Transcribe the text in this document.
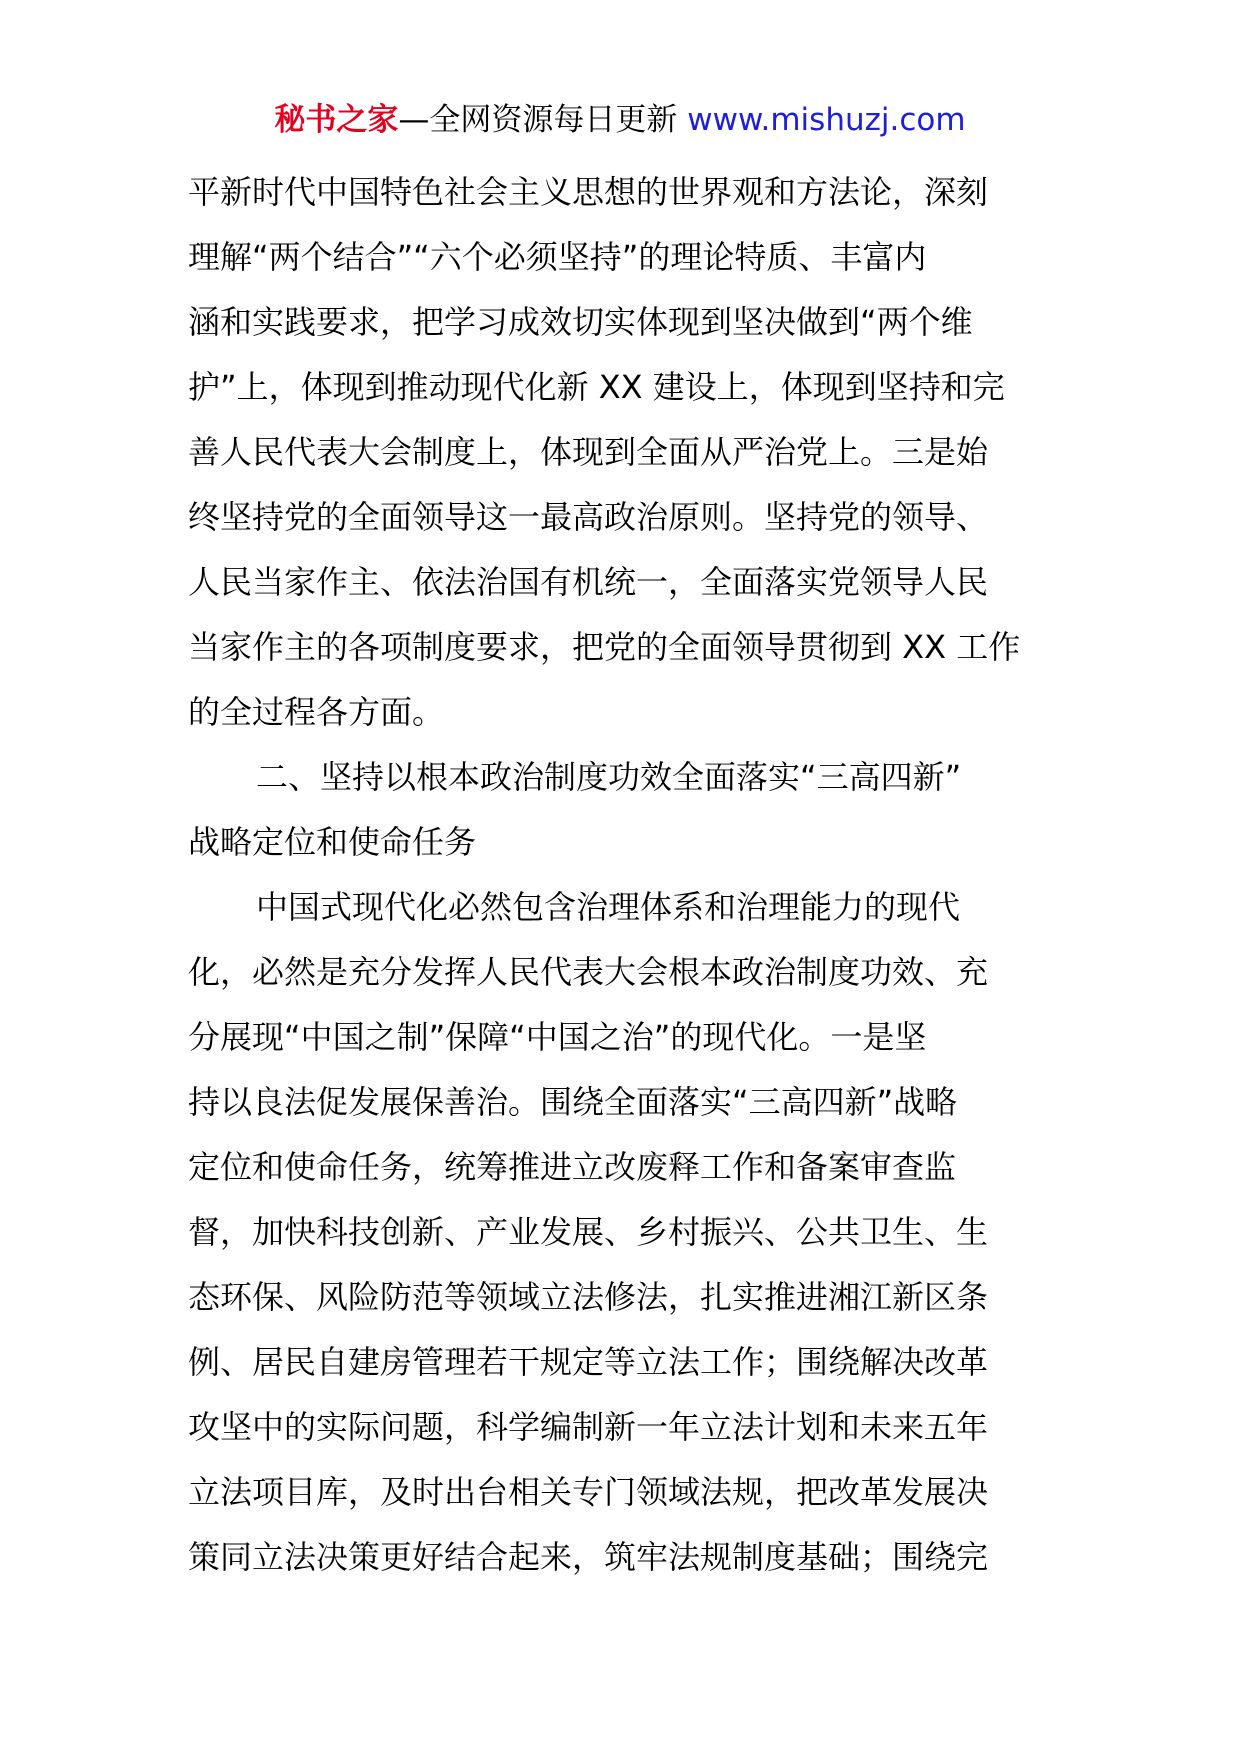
秘书之家—全网资源每日更新 www.mishuzj.com
平新时代中国特色社会主义思想的世界观和方法论，深刻
理解“两个结合”“六个必须坚持”的理论特质、丰富内
涵和实践要求，把学习成效切实体现到坚决做到“两个维
护”上，体现到推动现代化新 XX 建设上，体现到坚持和完
善人民代表大会制度上，体现到全面从严治党上。三是始
终坚持党的全面领导这一最高政治原则。坚持党的领导、
人民当家作主、依法治国有机统一，全面落实党领导人民
当家作主的各项制度要求，把党的全面领导贯彻到 XX 工作
的全过程各方面。
二、坚持以根本政治制度功效全面落实“三高四新”
战略定位和使命任务
中国式现代化必然包含治理体系和治理能力的现代
化，必然是充分发挥人民代表大会根本政治制度功效、充
分展现“中国之制”保障“中国之治”的现代化。一是坚
持以良法促发展保善治。围绕全面落实“三高四新”战略
定位和使命任务，统筹推进立改废释工作和备案审查监
督，加快科技创新、产业发展、乡村振兴、公共卫生、生
态环保、风险防范等领域立法修法，扎实推进湘江新区条
例、居民自建房管理若干规定等立法工作；围绕解决改革
攻坚中的实际问题，科学编制新一年立法计划和未来五年
立法项目库，及时出台相关专门领域法规，把改革发展决
策同立法决策更好结合起来，筑牢法规制度基础；围绕完
